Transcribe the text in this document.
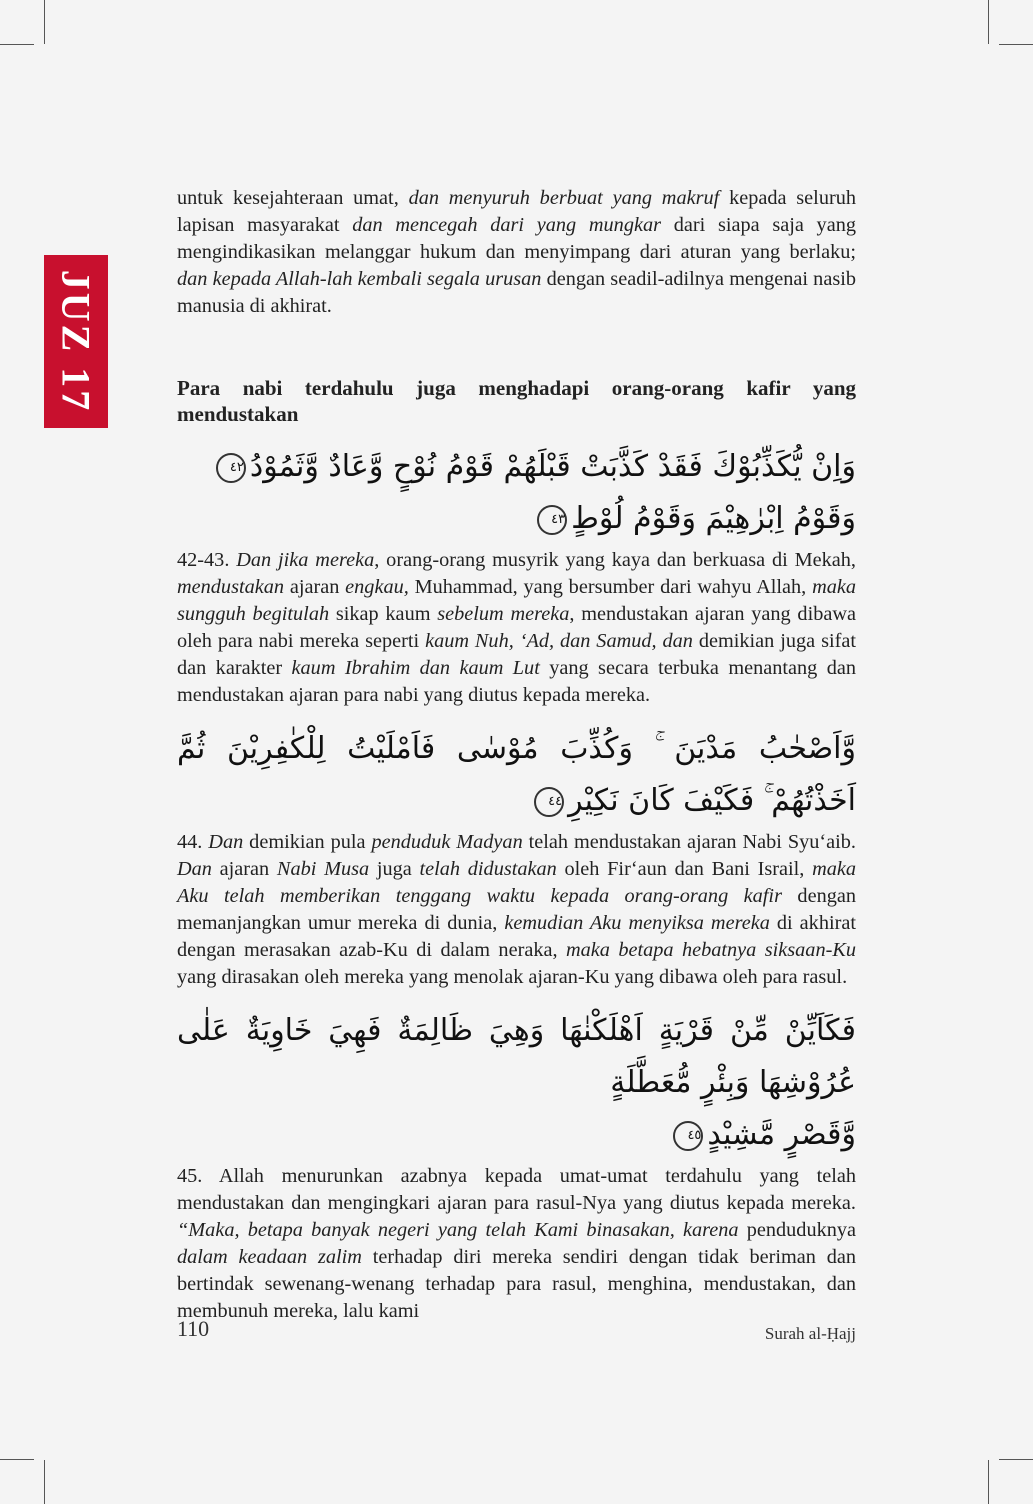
JUZ 17

untuk kesejahteraan umat, dan menyuruh berbuat yang makruf kepada seluruh lapisan masyarakat dan mencegah dari yang mungkar dari siapa saja yang mengindikasikan melanggar hukum dan menyimpang dari aturan yang berlaku; dan kepada Allah-lah kembali segala urusan dengan seadil-adilnya mengenai nasib manusia di akhirat.

Para nabi terdahulu juga menghadapi orang-orang kafir yang mendustakan

وَاِنْ يُّكَذِّبُوْكَ فَقَدْ كَذَّبَتْ قَبْلَهُمْ قَوْمُ نُوْحٍ وَّعَادٌ وَّثَمُوْدُ٤٢

وَقَوْمُ اِبْرٰهِيْمَ وَقَوْمُ لُوْطٍ٤٣

42-43. Dan jika mereka, orang-orang musyrik yang kaya dan berkuasa di Mekah, mendustakan ajaran engkau, Muhammad, yang bersumber dari wahyu Allah, maka sungguh begitulah sikap kaum sebelum mereka, mendustakan ajaran yang dibawa oleh para nabi mereka seperti kaum Nuh, ‘Ad, dan Samud, dan demikian juga sifat dan karakter kaum Ibrahim dan kaum Lut yang secara terbuka menantang dan mendustakan ajaran para nabi yang diutus kepada mereka.

وَّاَصْحٰبُ مَدْيَنَ ۚ وَكُذِّبَ مُوْسٰى فَاَمْلَيْتُ لِلْكٰفِرِيْنَ ثُمَّ اَخَذْتُهُمْ ۚ فَكَيْفَ كَانَ نَكِيْرِ٤٤

44. Dan demikian pula penduduk Madyan telah mendustakan ajaran Nabi Syu‘aib. Dan ajaran Nabi Musa juga telah didustakan oleh Fir‘aun dan Bani Israil, maka Aku telah memberikan tenggang waktu kepada orang-orang kafir dengan memanjangkan umur mereka di dunia, kemudian Aku menyiksa mereka di akhirat dengan merasakan azab-Ku di dalam neraka, maka betapa hebatnya siksaan-Ku yang dirasakan oleh mereka yang menolak ajaran-Ku yang dibawa oleh para rasul.

فَكَاَيِّنْ مِّنْ قَرْيَةٍ اَهْلَكْنٰهَا وَهِيَ ظَالِمَةٌ فَهِيَ خَاوِيَةٌ عَلٰى عُرُوْشِهَا وَبِئْرٍ مُّعَطَّلَةٍ

وَّقَصْرٍ مَّشِيْدٍ٤٥

45. Allah menurunkan azabnya kepada umat-umat terdahulu yang telah mendustakan dan mengingkari ajaran para rasul-Nya yang diutus kepada mereka. “Maka, betapa banyak negeri yang telah Kami binasakan, karena penduduknya dalam keadaan zalim terhadap diri mereka sendiri dengan tidak beriman dan bertindak sewenang-wenang terhadap para rasul, menghina, mendustakan, dan membunuh mereka, lalu kami

110	Surah al-Ḥajj
